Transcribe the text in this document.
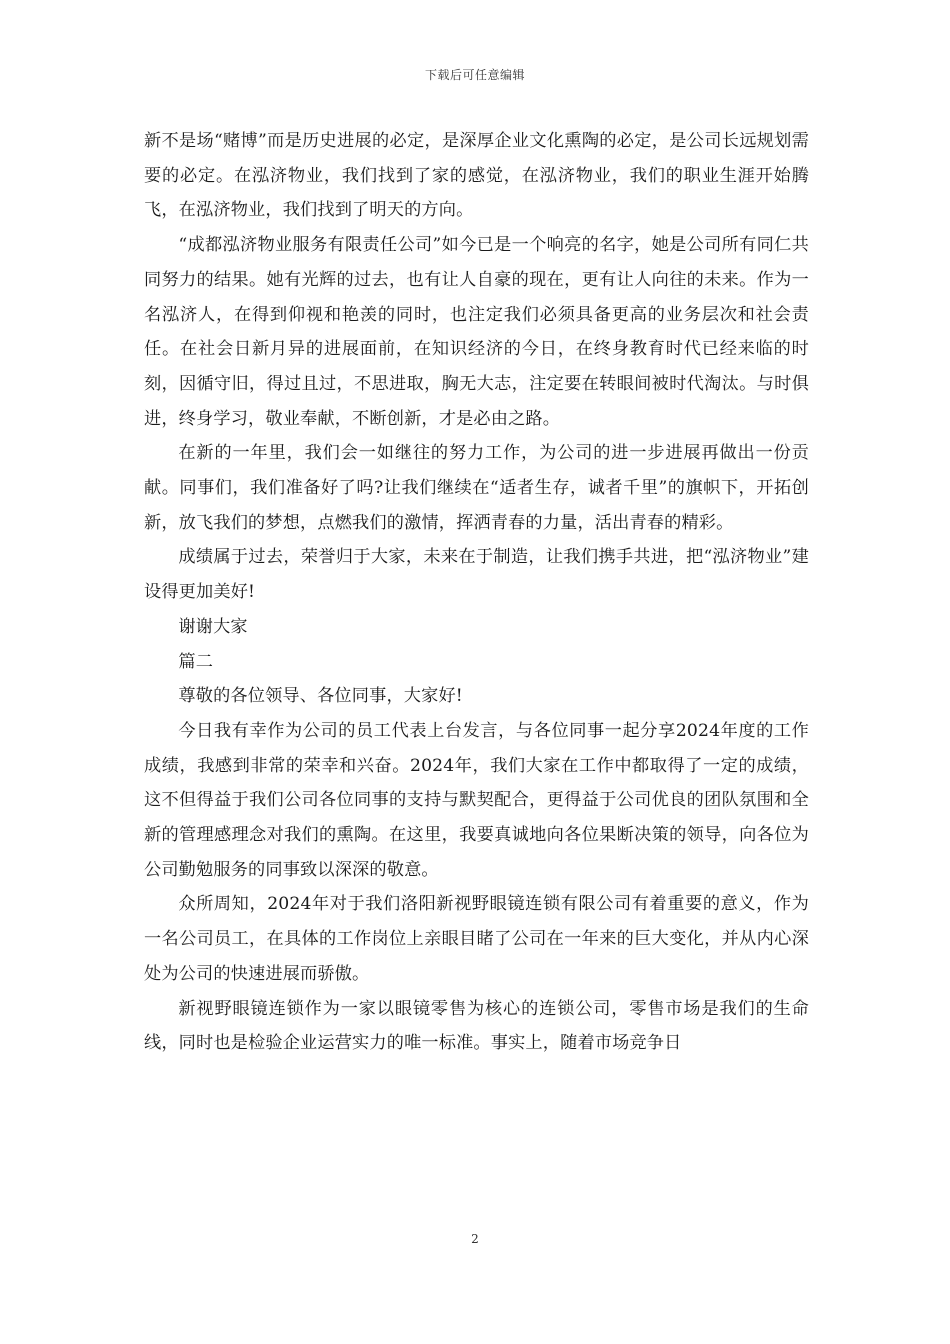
下载后可任意编辑

新不是场“赌博”而是历史进展的必定，是深厚企业文化熏陶的必定，是公司长远规划需要的必定。在泓济物业，我们找到了家的感觉，在泓济物业，我们的职业生涯开始腾飞，在泓济物业，我们找到了明天的方向。

“成都泓济物业服务有限责任公司”如今已是一个响亮的名字，她是公司所有同仁共同努力的结果。她有光辉的过去，也有让人自豪的现在，更有让人向往的未来。作为一名泓济人，在得到仰视和艳羡的同时，也注定我们必须具备更高的业务层次和社会责任。在社会日新月异的进展面前，在知识经济的今日，在终身教育时代已经来临的时刻，因循守旧，得过且过，不思进取，胸无大志，注定要在转眼间被时代淘汰。与时俱进，终身学习，敬业奉献，不断创新，才是必由之路。

在新的一年里，我们会一如继往的努力工作，为公司的进一步进展再做出一份贡献。同事们，我们准备好了吗?让我们继续在“适者生存，诚者千里”的旗帜下，开拓创新，放飞我们的梦想，点燃我们的激情，挥洒青春的力量，活出青春的精彩。

成绩属于过去，荣誉归于大家，未来在于制造，让我们携手共进，把“泓济物业”建设得更加美好!

谢谢大家

篇二

尊敬的各位领导、各位同事，大家好!

今日我有幸作为公司的员工代表上台发言，与各位同事一起分享2024年度的工作成绩，我感到非常的荣幸和兴奋。2024年，我们大家在工作中都取得了一定的成绩，这不但得益于我们公司各位同事的支持与默契配合，更得益于公司优良的团队氛围和全新的管理感理念对我们的熏陶。在这里，我要真诚地向各位果断决策的领导，向各位为公司勤勉服务的同事致以深深的敬意。

众所周知，2024年对于我们洛阳新视野眼镜连锁有限公司有着重要的意义，作为一名公司员工，在具体的工作岗位上亲眼目睹了公司在一年来的巨大变化，并从内心深处为公司的快速进展而骄傲。

新视野眼镜连锁作为一家以眼镜零售为核心的连锁公司，零售市场是我们的生命线，同时也是检验企业运营实力的唯一标准。事实上，随着市场竞争日

2
